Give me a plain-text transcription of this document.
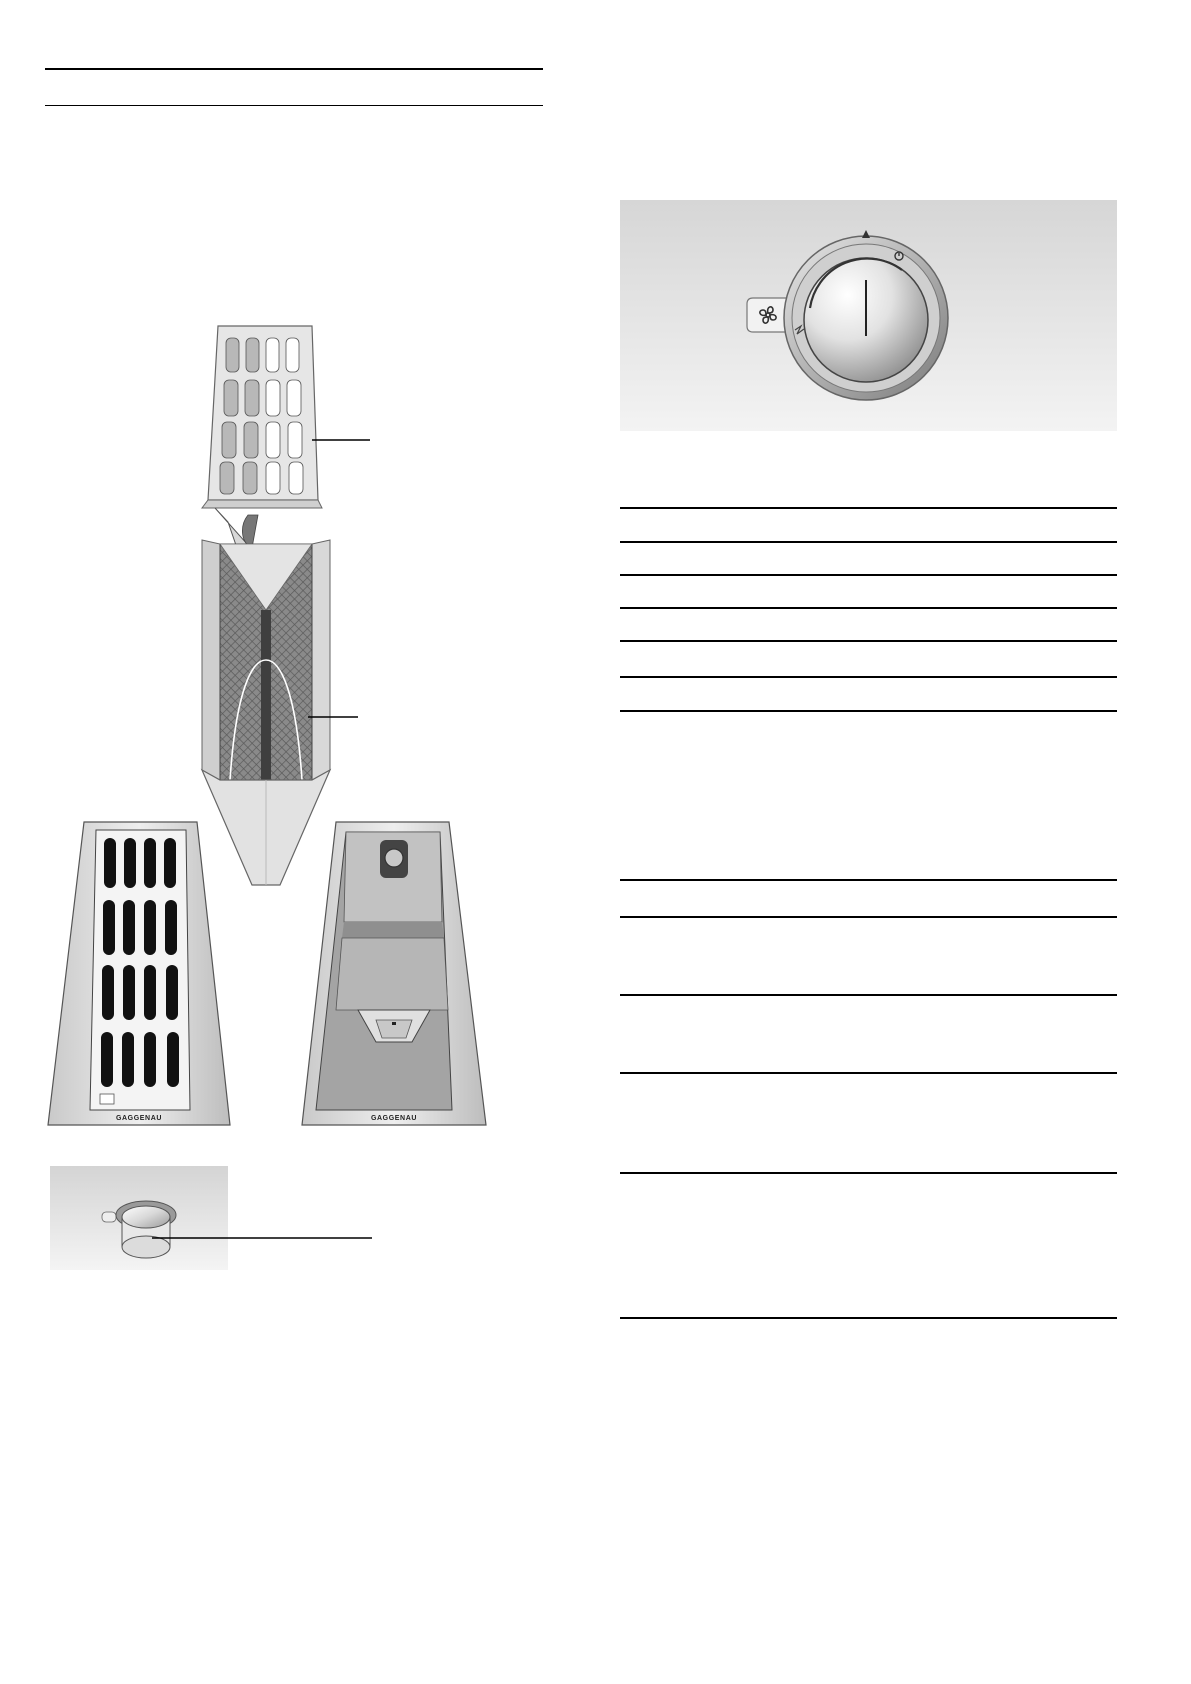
GAGGENAU	GAGGENAU
